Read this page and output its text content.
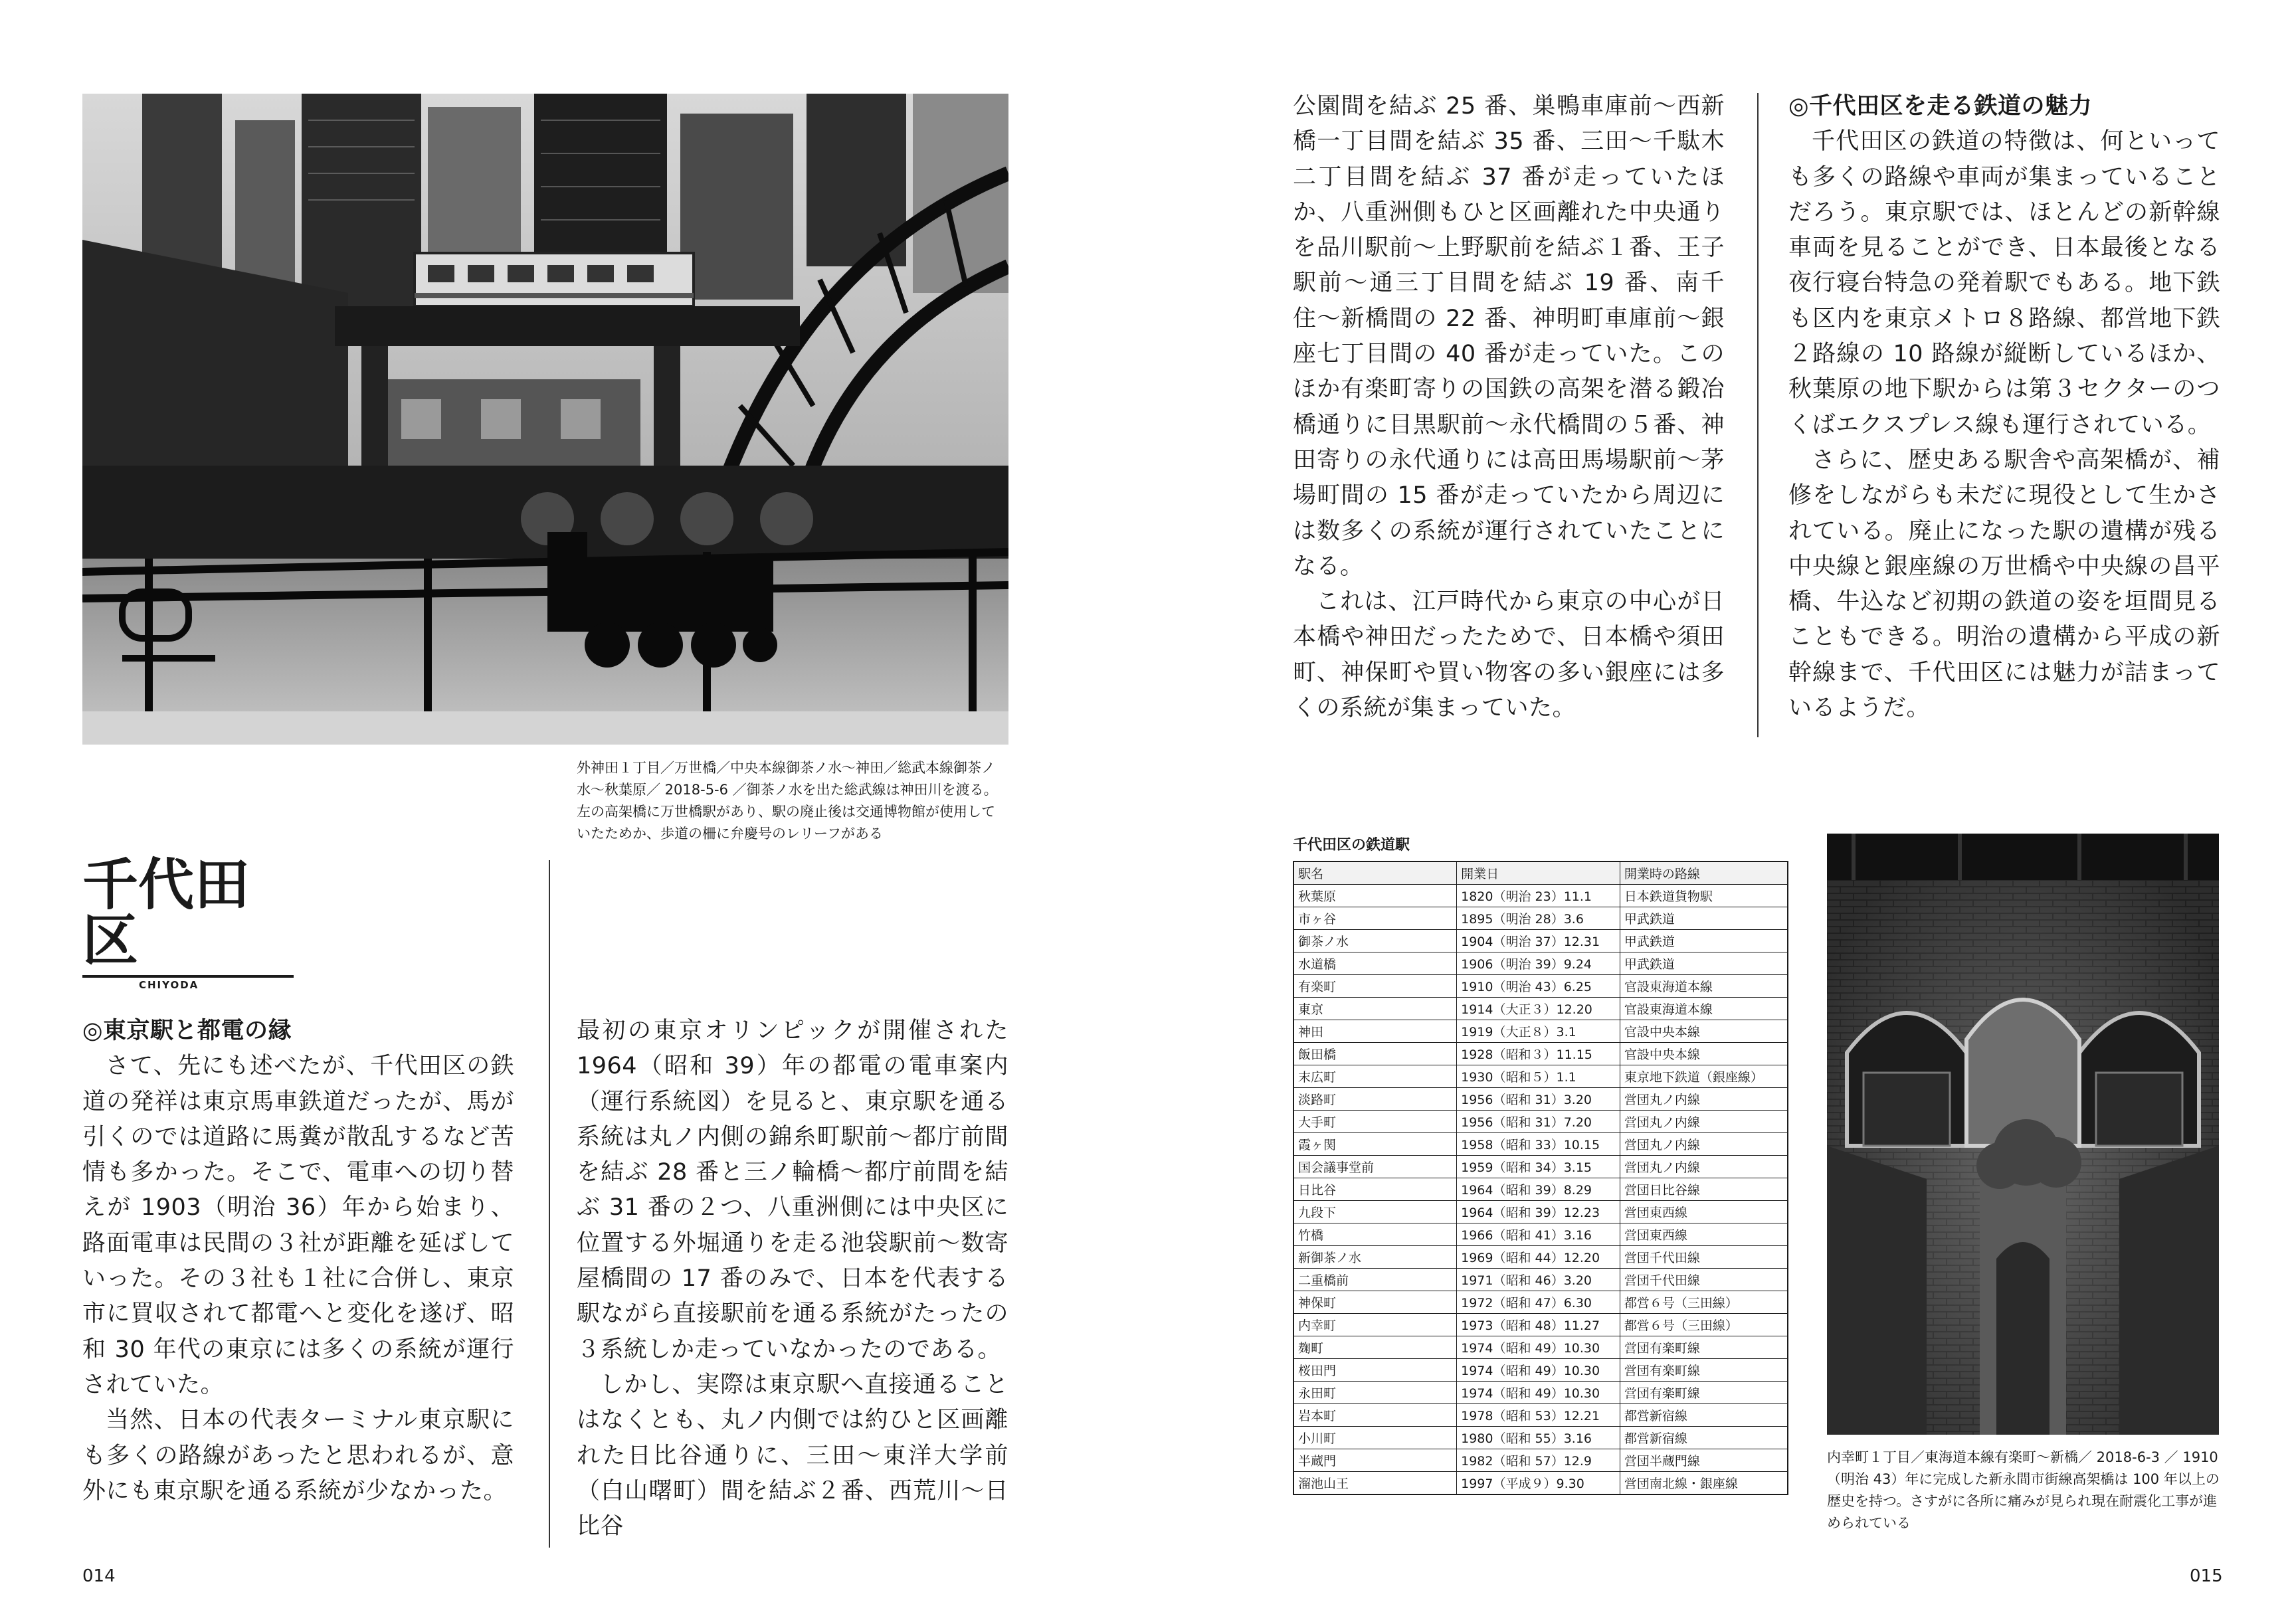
外神田１丁目／万世橋／中央本線御茶ノ水〜神田／総武本線御茶ノ水〜秋葉原／ 2018-5-6 ／御茶ノ水を出た総武線は神田川を渡る。左の高架橋に万世橋駅があり、駅の廃止後は交通博物館が使用していたためか、歩道の柵に弁慶号のレリーフがある
千代田区
CHIYODA

◎東京駅と都電の縁

さて、先にも述べたが、千代田区の鉄道の発祥は東京馬車鉄道だったが、馬が引くのでは道路に馬糞が散乱するなど苦情も多かった。そこで、電車への切り替えが 1903（明治 36）年から始まり、路面電車は民間の３社が距離を延ばしていった。その３社も１社に合併し、東京市に買収されて都電へと変化を遂げ、昭和 30 年代の東京には多くの系統が運行されていた。

当然、日本の代表ターミナル東京駅にも多くの路線があったと思われるが、意外にも東京駅を通る系統が少なかった。

最初の東京オリンピックが開催された 1964（昭和 39）年の都電の電車案内（運行系統図）を見ると、東京駅を通る系統は丸ノ内側の錦糸町駅前〜都庁前間を結ぶ 28 番と三ノ輪橋〜都庁前間を結ぶ 31 番の２つ、八重洲側には中央区に位置する外堀通りを走る池袋駅前〜数寄屋橋間の 17 番のみで、日本を代表する駅ながら直接駅前を通る系統がたったの３系統しか走っていなかったのである。

しかし、実際は東京駅へ直接通ることはなくとも、丸ノ内側では約ひと区画離れた日比谷通りに、三田〜東洋大学前（白山曙町）間を結ぶ２番、西荒川〜日比谷

014

公園間を結ぶ 25 番、巣鴨車庫前〜西新橋一丁目間を結ぶ 35 番、三田〜千駄木二丁目間を結ぶ 37 番が走っていたほか、八重洲側もひと区画離れた中央通りを品川駅前〜上野駅前を結ぶ１番、王子駅前〜通三丁目間を結ぶ 19 番、南千住〜新橋間の 22 番、神明町車庫前〜銀座七丁目間の 40 番が走っていた。このほか有楽町寄りの国鉄の高架を潜る鍛冶橋通りに目黒駅前〜永代橋間の５番、神田寄りの永代通りには高田馬場駅前〜茅場町間の 15 番が走っていたから周辺には数多くの系統が運行されていたことになる。

これは、江戸時代から東京の中心が日本橋や神田だったためで、日本橋や須田町、神保町や買い物客の多い銀座には多くの系統が集まっていた。

◎千代田区を走る鉄道の魅力

千代田区の鉄道の特徴は、何といっても多くの路線や車両が集まっていることだろう。東京駅では、ほとんどの新幹線車両を見ることができ、日本最後となる夜行寝台特急の発着駅でもある。地下鉄も区内を東京メトロ８路線、都営地下鉄２路線の 10 路線が縦断しているほか、秋葉原の地下駅からは第３セクターのつくばエクスプレス線も運行されている。

さらに、歴史ある駅舎や高架橋が、補修をしながらも未だに現役として生かされている。廃止になった駅の遺構が残る中央線と銀座線の万世橋や中央線の昌平橋、牛込など初期の鉄道の姿を垣間見ることもできる。明治の遺構から平成の新幹線まで、千代田区には魅力が詰まっているようだ。

千代田区の鉄道駅
駅名	開業日	開業時の路線
秋葉原	1820（明治 23）11.1	日本鉄道貨物駅
市ヶ谷	1895（明治 28）3.6	甲武鉄道
御茶ノ水	1904（明治 37）12.31	甲武鉄道
水道橋	1906（明治 39）9.24	甲武鉄道
有楽町	1910（明治 43）6.25	官設東海道本線
東京	1914（大正３）12.20	官設東海道本線
神田	1919（大正８）3.1	官設中央本線
飯田橋	1928（昭和３）11.15	官設中央本線
末広町	1930（昭和５）1.1	東京地下鉄道（銀座線）
淡路町	1956（昭和 31）3.20	営団丸ノ内線
大手町	1956（昭和 31）7.20	営団丸ノ内線
霞ヶ関	1958（昭和 33）10.15	営団丸ノ内線
国会議事堂前	1959（昭和 34）3.15	営団丸ノ内線
日比谷	1964（昭和 39）8.29	営団日比谷線
九段下	1964（昭和 39）12.23	営団東西線
竹橋	1966（昭和 41）3.16	営団東西線
新御茶ノ水	1969（昭和 44）12.20	営団千代田線
二重橋前	1971（昭和 46）3.20	営団千代田線
神保町	1972（昭和 47）6.30	都営６号（三田線）
内幸町	1973（昭和 48）11.27	都営６号（三田線）
麹町	1974（昭和 49）10.30	営団有楽町線
桜田門	1974（昭和 49）10.30	営団有楽町線
永田町	1974（昭和 49）10.30	営団有楽町線
岩本町	1978（昭和 53）12.21	都営新宿線
小川町	1980（昭和 55）3.16	都営新宿線
半蔵門	1982（昭和 57）12.9	営団半蔵門線
溜池山王	1997（平成９）9.30	営団南北線・銀座線
内幸町１丁目／東海道本線有楽町〜新橋／ 2018-6-3 ／ 1910（明治 43）年に完成した新永間市街線高架橋は 100 年以上の歴史を持つ。さすがに各所に痛みが見られ現在耐震化工事が進められている
015
